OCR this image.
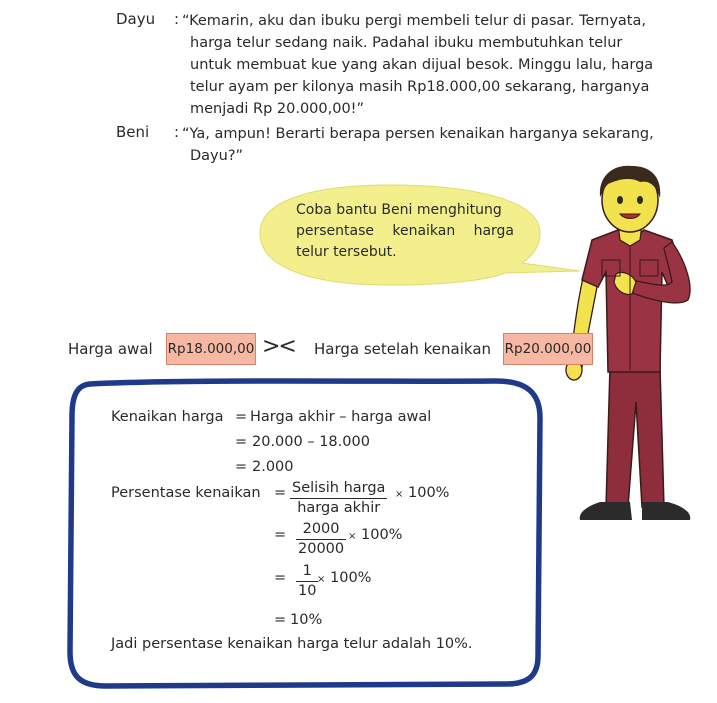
Dayu : “Kemarin, aku dan ibuku pergi membeli telur di pasar. Ternyata,
harga telur sedang naik. Padahal ibuku membutuhkan telur
untuk membuat kue yang akan dijual besok. Minggu lalu, harga
telur ayam per kilonya masih Rp18.000,00 sekarang, harganya
menjadi Rp 20.000,00!”
Beni : “Ya, ampun! Berarti berapa persen kenaikan harganya sekarang,
Dayu?”
Coba bantu Beni menghitung
persentase kenaikan harga
telur tersebut.
Harga awal Rp18.000,00 >< Harga setelah kenaikan Rp20.000,00
Kenaikan harga = Harga akhir – harga awal
= 20.000 – 18.000
= 2.000
Persentase kenaikan = Selisih harga
harga akhir
× 100%
= $\frac{2000}{20000} \times 100\%$
= $\frac{1}{10}$
× 100%
= 10%
Jadi persentase kenaikan harga telur adalah 10%.
